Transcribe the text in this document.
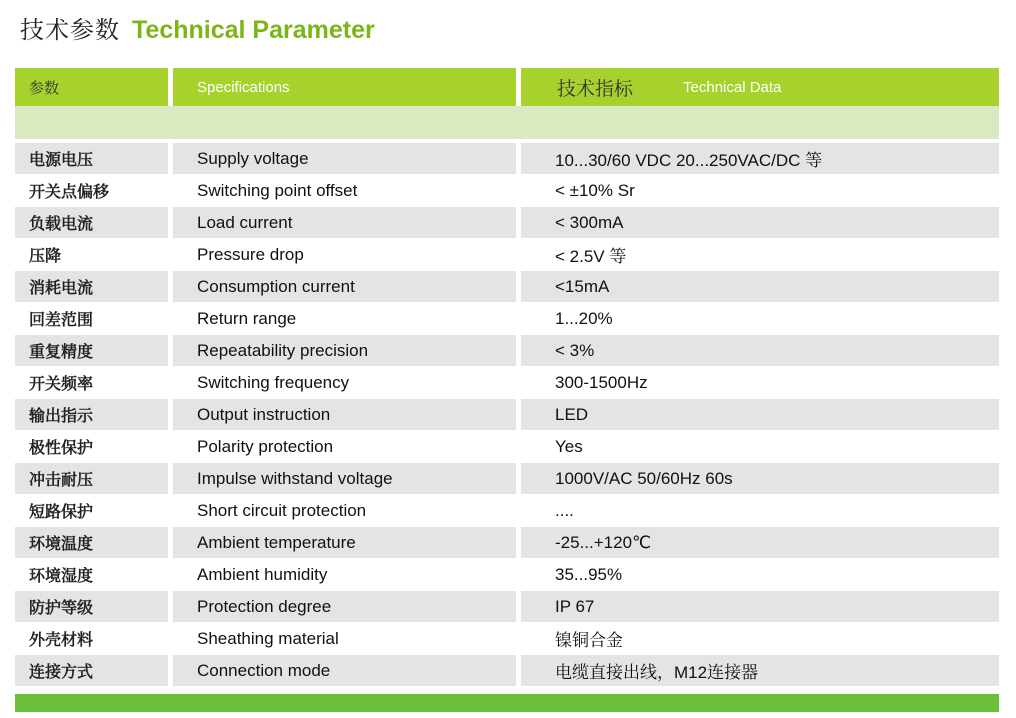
技术参数 Technical Parameter
参数	Specifications	技术指标	Technical Data
电源电压	Supply voltage	10...30/60 VDC 20...250VAC/DC 等
开关点偏移	Switching point offset	< ±10% Sr
负载电流	Load current	< 300mA
压降	Pressure drop	< 2.5V 等
消耗电流	Consumption current	<15mA
回差范围	Return range	1...20%
重复精度	Repeatability precision	< 3%
开关频率	Switching frequency	300-1500Hz
输出指示	Output instruction	LED
极性保护	Polarity protection	Yes
冲击耐压	Impulse withstand voltage	1000V/AC 50/60Hz 60s
短路保护	Short circuit protection	....
环境温度	Ambient temperature	-25...+120℃
环境湿度	Ambient humidity	35...95%
防护等级	Protection degree	IP 67
外壳材料	Sheathing material	镍铜合金
连接方式	Connection mode	电缆直接出线，M12连接器
